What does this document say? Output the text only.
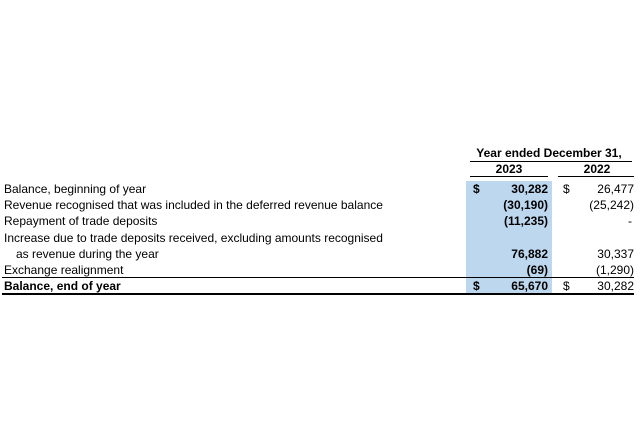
Year ended December 31,
2023	2022
Balance, beginning of year	$	30,282 $	26,477
Revenue recognised that was included in the deferred revenue balance	(30,190)	(25,242)
Repayment of trade deposits	(11,235)	-
Increase due to trade deposits received, excluding amounts recognised
as revenue during the year	76,882	30,337
Exchange realignment	(69)	(1,290)
Balance, end of year	$	65,670 $	30,282
